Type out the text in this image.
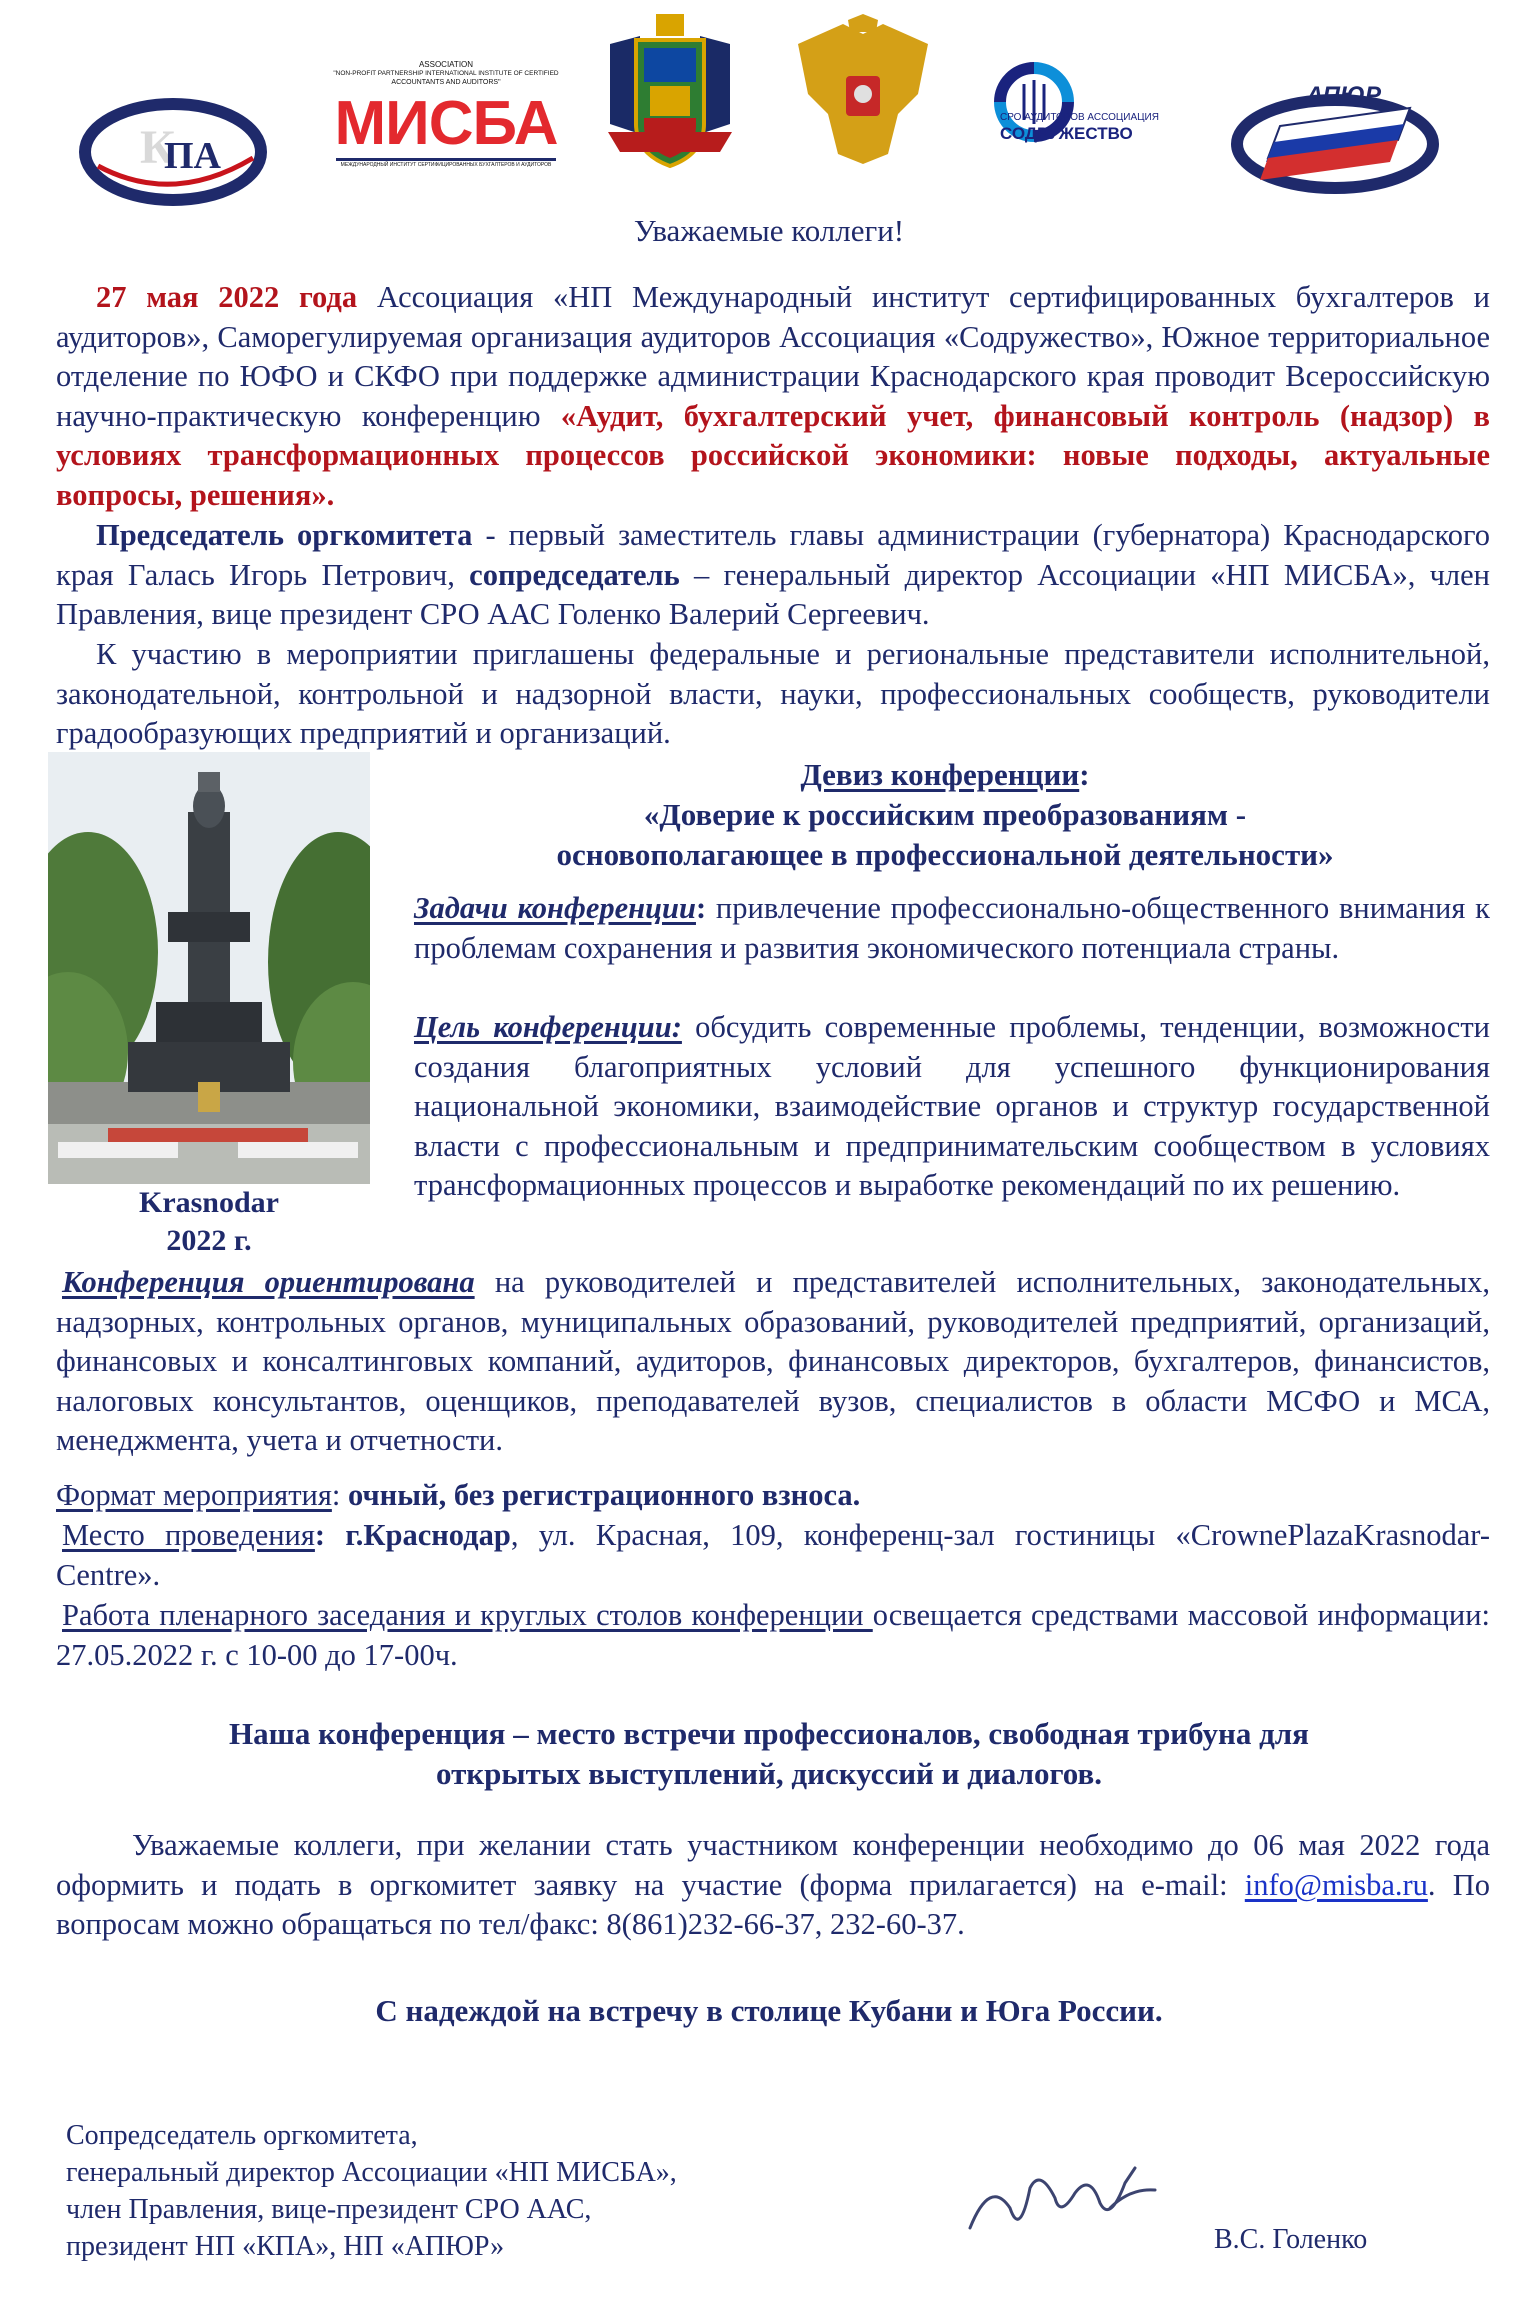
К
ПА
ASSOCIATION
"NON-PROFIT PARTNERSHIP INTERNATIONAL INSTITUTE OF CERTIFIED
ACCOUNTANTS AND AUDITORS"
МИСБА
МЕЖДУНАРОДНЫЙ ИНСТИТУТ СЕРТИФИЦИРОВАННЫХ БУХГАЛТЕРОВ И АУДИТОРОВ
СРО АУДИТОРОВ АССОЦИАЦИЯ
СОДРУЖЕСТВО
АПЮР
Уважаемые коллеги!
27 мая 2022 года Ассоциация «НП Международный институт сертифицированных бухгалтеров и аудиторов», Саморегулируемая организация аудиторов Ассоциация «Содружество», Южное территориальное отделение по ЮФО и СКФО при поддержке администрации Краснодарского края проводит Всероссийскую научно-практическую конференцию «Аудит, бухгалтерский учет, финансовый контроль (надзор) в условиях трансформационных процессов российской экономики: новые подходы, актуальные вопросы, решения».
Председатель оргкомитета - первый заместитель главы администрации (губернатора) Краснодарского края Галась Игорь Петрович, сопредседатель – генеральный директор Ассоциации «НП МИСБА», член Правления, вице президент СРО ААС Голенко Валерий Сергеевич.
К участию в мероприятии приглашены федеральные и региональные представители исполнительной, законодательной, контрольной и надзорной власти, науки, профессиональных сообществ, руководители градообразующих предприятий и организаций.
Krasnodar
2022 г.
Девиз конференции:
«Доверие к российским преобразованиям -
основополагающее в профессиональной деятельности»
Задачи конференции: привлечение профессионально-общественного внимания к проблемам сохранения и развития экономического потенциала страны.
Цель конференции: обсудить современные проблемы, тенденции, возможности создания благоприятных условий для успешного функционирования национальной экономики, взаимодействие органов и структур государственной власти с профессиональным и предпринимательским сообществом в условиях трансформационных процессов и выработке рекомендаций по их решению.
Конференция ориентирована на руководителей и представителей исполнительных, законодательных, надзорных, контрольных органов, муниципальных образований, руководителей предприятий, организаций, финансовых и консалтинговых компаний, аудиторов, финансовых директоров, бухгалтеров, финансистов, налоговых консультантов, оценщиков, преподавателей вузов, специалистов в области МСФО и МСА, менеджмента, учета и отчетности.
Формат мероприятия: очный, без регистрационного взноса.
Место проведения: г.Краснодар, ул. Красная, 109, конференц-зал гостиницы «CrownePlazaKrasnodar-Centre».
Работа пленарного заседания и круглых столов конференции освещается средствами массовой информации: 27.05.2022 г. с 10-00 до 17-00ч.
Наша конференция – место встречи профессионалов, свободная трибуна для
открытых выступлений, дискуссий и диалогов.
Уважаемые коллеги, при желании стать участником конференции необходимо до 06 мая 2022 года оформить и подать в оргкомитет заявку на участие (форма прилагается) на e-mail: info@misba.ru. По вопросам можно обращаться по тел/факс: 8(861)232-66-37, 232-60-37.
С надеждой на встречу в столице Кубани и Юга России.
Сопредседатель оргкомитета,
генеральный директор Ассоциации «НП МИСБА»,
член Правления, вице-президент СРО ААС,
президент НП «КПА», НП «АПЮР»	В.С. Голенко
